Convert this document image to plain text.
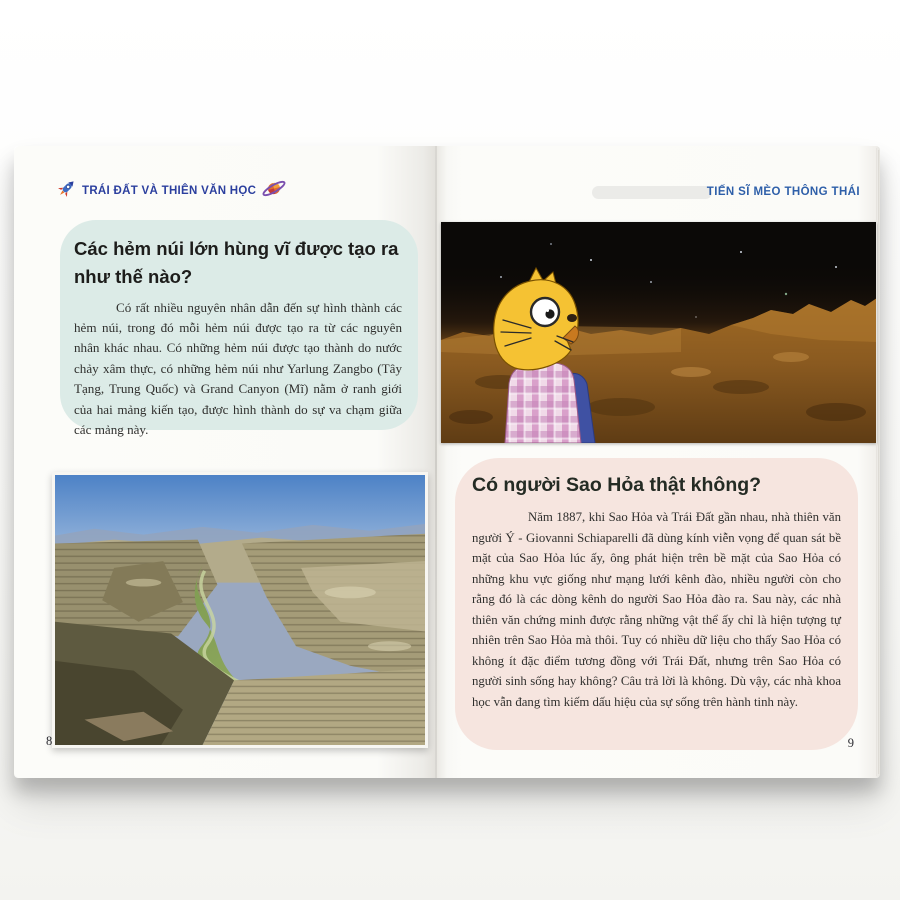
TRÁI ĐẤT VÀ THIÊN VĂN HỌC
Các hẻm núi lớn hùng vĩ được tạo ra như thế nào?

Có rất nhiều nguyên nhân dẫn đến sự hình thành các hẻm núi, trong đó mỗi hẻm núi được tạo ra từ các nguyên nhân khác nhau. Có những hẻm núi được tạo thành do nước chảy xâm thực, có những hẻm núi như Yarlung Zangbo (Tây Tạng, Trung Quốc) và Grand Canyon (Mĩ) nằm ở ranh giới của hai mảng kiến tạo, được hình thành do sự va chạm giữa các mảng này.

8
TIẾN SĨ MÈO THÔNG THÁI
Có người Sao Hỏa thật không?

Năm 1887, khi Sao Hỏa và Trái Đất gần nhau, nhà thiên văn người Ý - Giovanni Schiaparelli đã dùng kính viễn vọng để quan sát bề mặt của Sao Hỏa lúc ấy, ông phát hiện trên bề mặt của Sao Hỏa có những khu vực giống như mạng lưới kênh đào, nhiều người còn cho rằng đó là các dòng kênh do người Sao Hỏa đào ra. Sau này, các nhà thiên văn chứng minh được rằng những vật thể ấy chỉ là hiện tượng tự nhiên trên Sao Hỏa mà thôi. Tuy có nhiều dữ liệu cho thấy Sao Hỏa có không ít đặc điểm tương đồng với Trái Đất, nhưng trên Sao Hỏa có người sinh sống hay không? Câu trả lời là không. Dù vậy, các nhà khoa học vẫn đang tìm kiếm dấu hiệu của sự sống trên hành tinh này.

9
